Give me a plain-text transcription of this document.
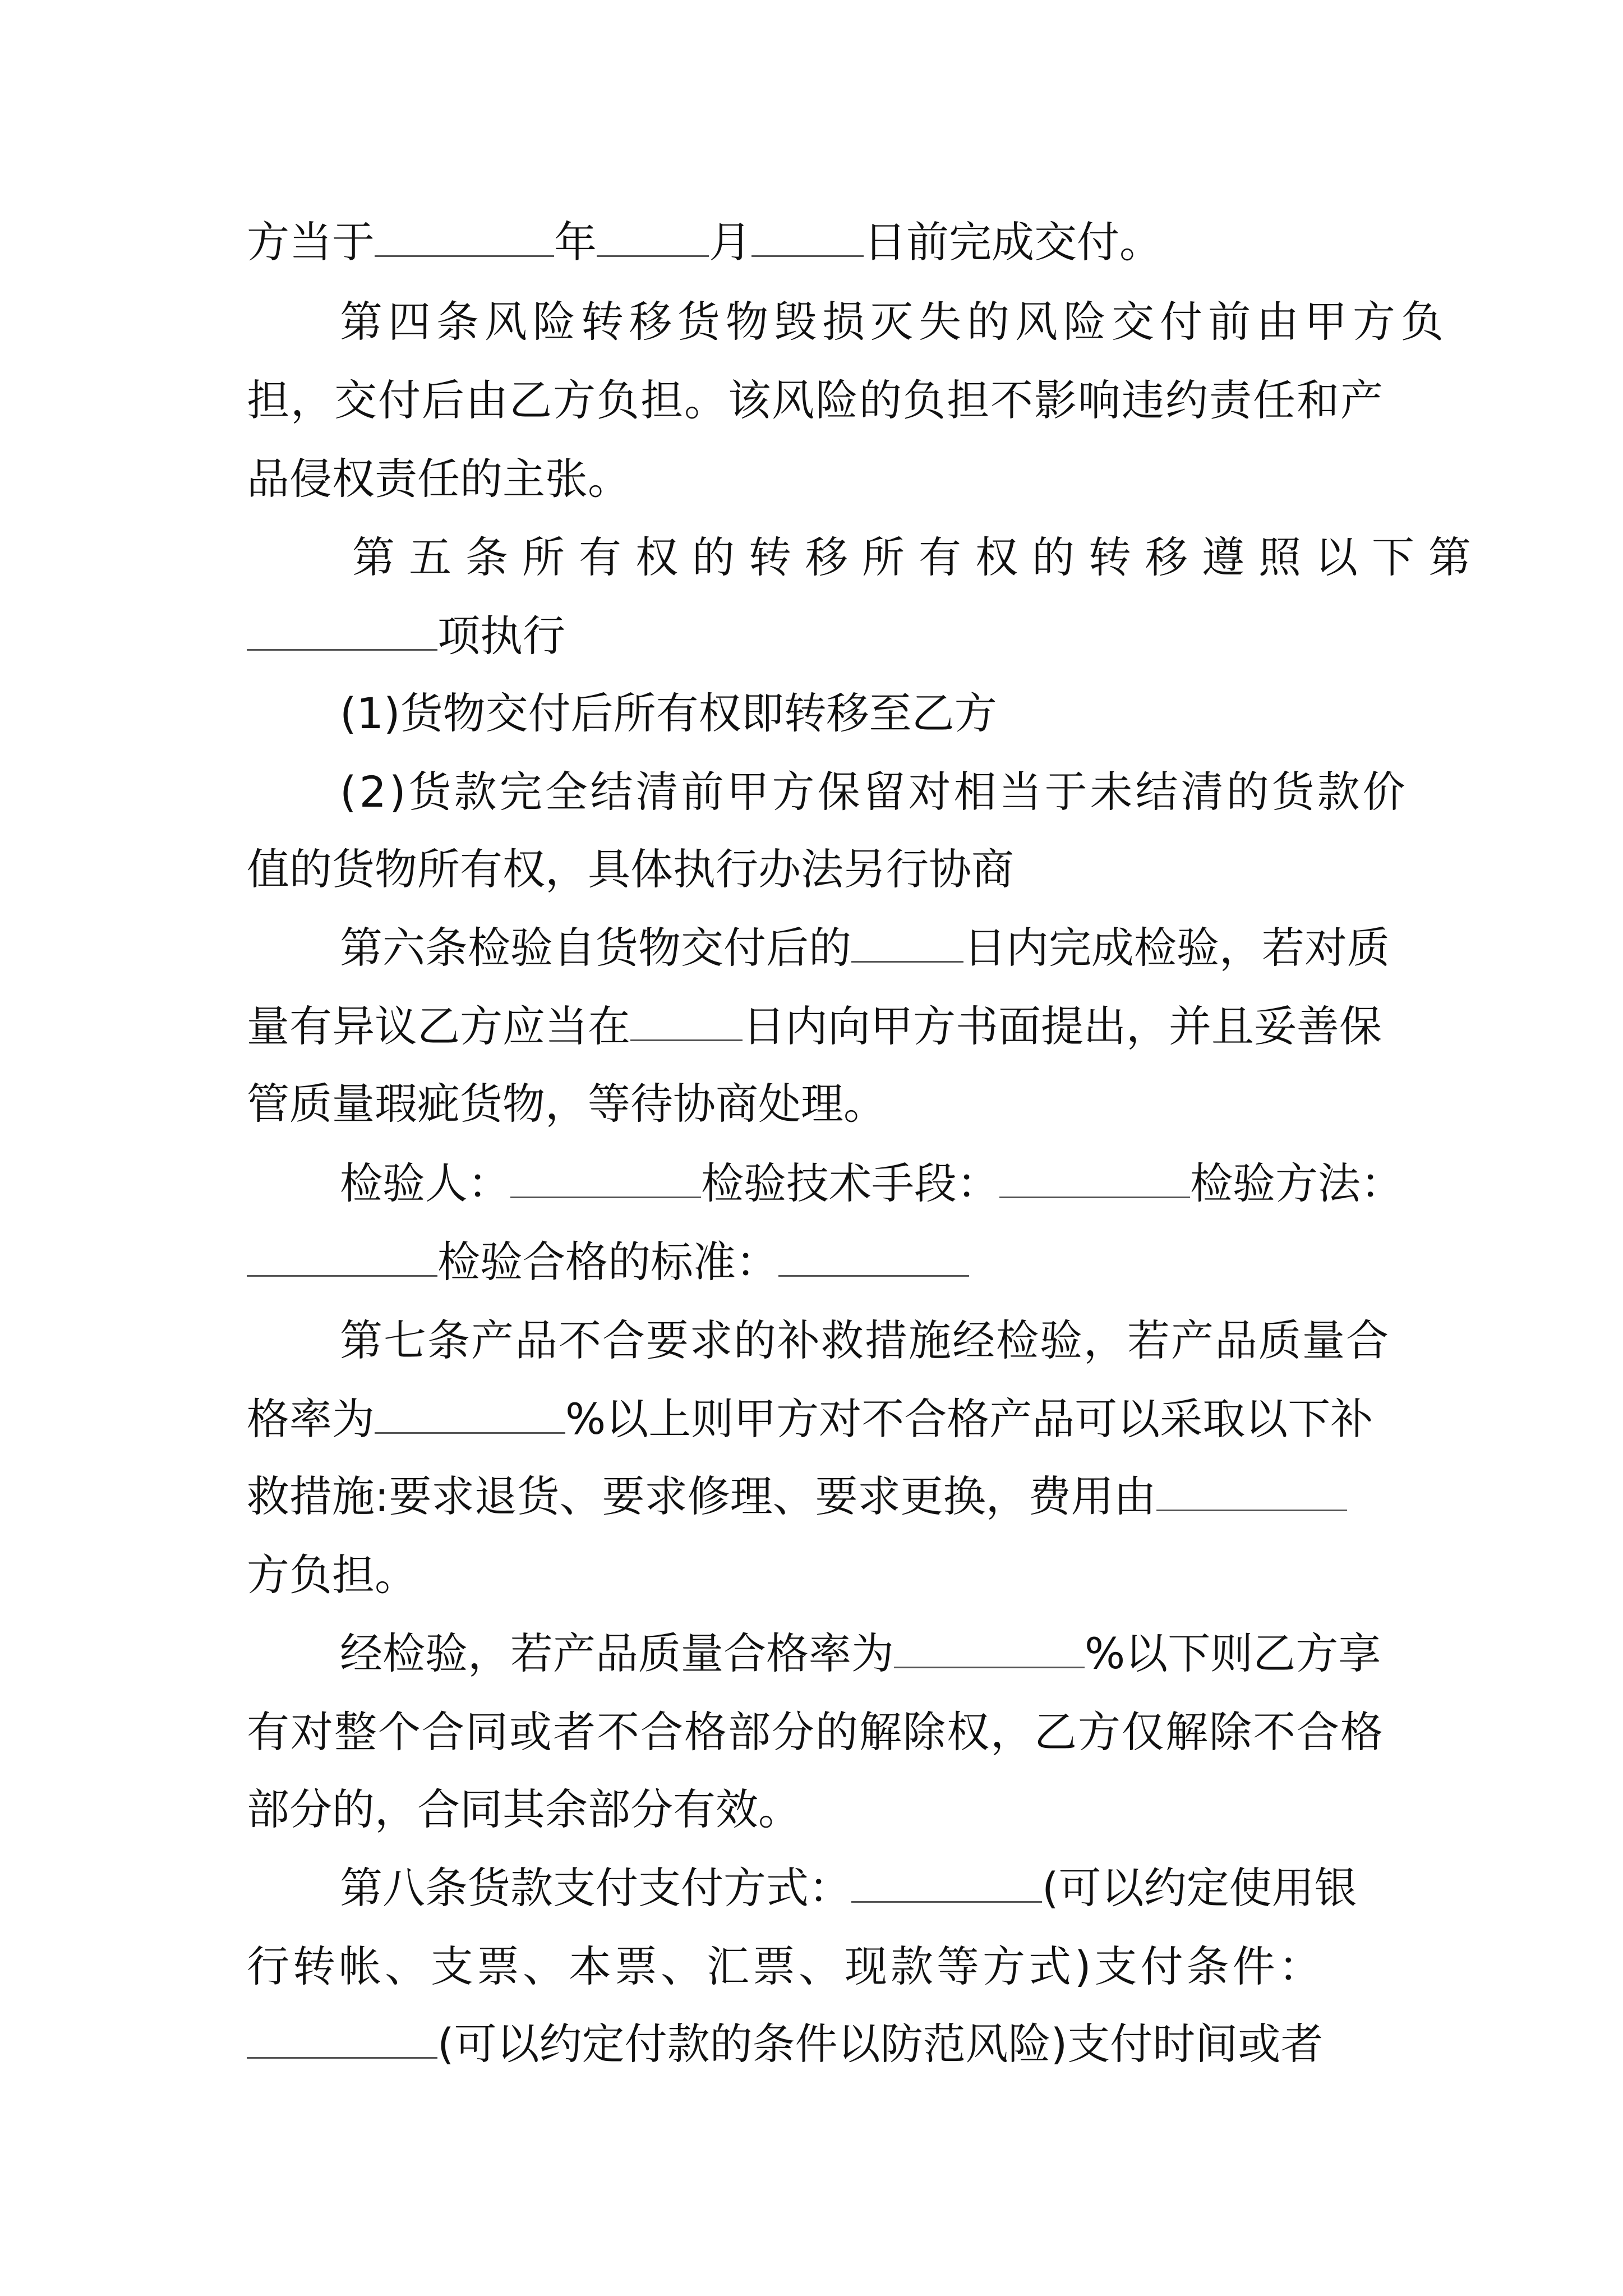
方当于	年	月	日前完成交付。
第四条风险转移货物毁损灭失的风险交付前由甲方负
担，交付后由乙方负担。该风险的负担不影响违约责任和产
品侵权责任的主张。
第五条所有权的转移所有权的转移遵照以下第
项执行
(1)货物交付后所有权即转移至乙方
(2)货款完全结清前甲方保留对相当于未结清的货款价
值的货物所有权，具体执行办法另行协商
第六条检验自货物交付后的	日内完成检验，若对质
量有异议乙方应当在	日内向甲方书面提出，并且妥善保
管质量瑕疵货物，等待协商处理。
检验人：	检验技术手段：	检验方法：
检验合格的标准：
第七条产品不合要求的补救措施经检验，若产品质量合
格率为	%以上则甲方对不合格产品可以采取以下补
救措施:要求退货、要求修理、要求更换，费用由
方负担。
经检验，若产品质量合格率为	%以下则乙方享
有对整个合同或者不合格部分的解除权，乙方仅解除不合格
部分的，合同其余部分有效。
第八条货款支付支付方式：	(可以约定使用银
行转帐、支票、本票、汇票、现款等方式)支付条件：
(可以约定付款的条件以防范风险)支付时间或者
